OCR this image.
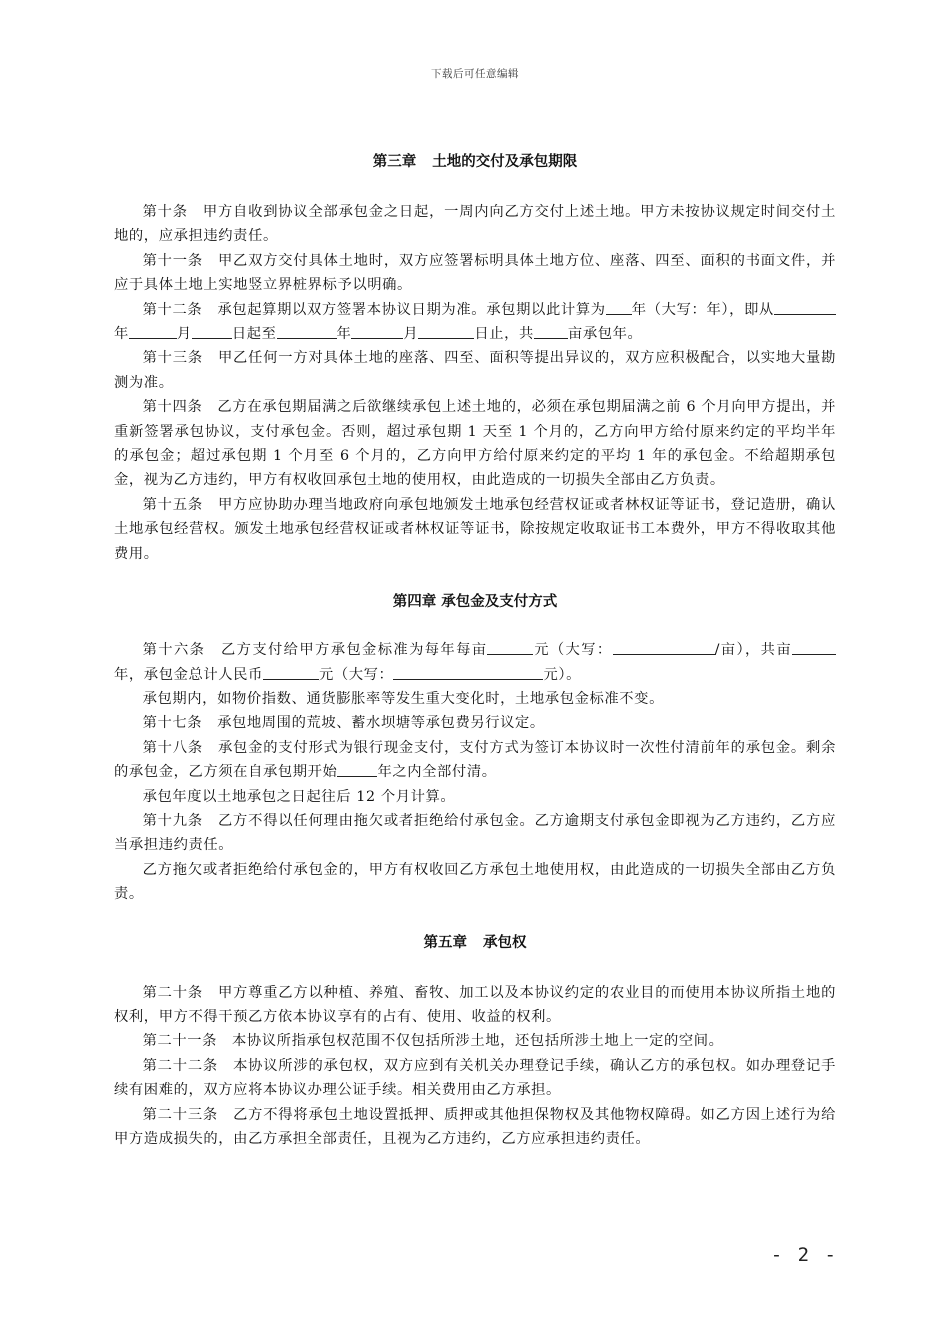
下载后可任意编辑
第三章 土地的交付及承包期限

第十条　 甲方自收到协议全部承包金之日起，一周内向乙方交付上述土地。甲方未按协议规定时间交付土地的，应承担违约责任。

第十一条　 甲乙双方交付具体土地时，双方应签署标明具体土地方位、座落、四至、面积的书面文件，并应于具体土地上实地竖立界桩界标予以明确。

第十二条　 承包起算期以双方签署本协议日期为准。承包期以此计算为 年（大写：年），即从年	月	日起至	年	月	日止，共 亩承包年。

第十三条　 甲乙任何一方对具体土地的座落、四至、面积等提出异议的，双方应积极配合，以实地大量勘测为准。

第十四条　 乙方在承包期届满之后欲继续承包上述土地的，必须在承包期届满之前 6 个月向甲方提出，并重新签署承包协议，支付承包金。否则，超过承包期 1 天至 1 个月的，乙方向甲方给付原来约定的平均半年的承包金；超过承包期 1 个月至 6 个月的，乙方向甲方给付原来约定的平均 1 年的承包金。不给超期承包金，视为乙方违约，甲方有权收回承包土地的使用权，由此造成的一切损失全部由乙方负责。

第十五条　 甲方应协助办理当地政府向承包地颁发土地承包经营权证或者林权证等证书，登记造册，确认土地承包经营权。颁发土地承包经营权证或者林权证等证书，除按规定收取证书工本费外，甲方不得收取其他费用。

第四章 承包金及支付方式

第十六条　 乙方支付给甲方承包金标准为每年每亩	元（大写：	/亩），共亩年，承包金总计人民币	元（大写：	元）。

承包期内，如物价指数、通货膨胀率等发生重大变化时，土地承包金标准不变。

第十七条　 承包地周围的荒坡、蓄水坝塘等承包费另行议定。

第十八条　 承包金的支付形式为银行现金支付，支付方式为签订本协议时一次性付清前年的承包金。剩余的承包金，乙方须在自承包期开始	年之内全部付清。

承包年度以土地承包之日起往后 12 个月计算。

第十九条　 乙方不得以任何理由拖欠或者拒绝给付承包金。乙方逾期支付承包金即视为乙方违约，乙方应当承担违约责任。

乙方拖欠或者拒绝给付承包金的，甲方有权收回乙方承包土地使用权，由此造成的一切损失全部由乙方负责。

第五章 承包权

第二十条　 甲方尊重乙方以种植、养殖、畜牧、加工以及本协议约定的农业目的而使用本协议所指土地的权利，甲方不得干预乙方依本协议享有的占有、使用、收益的权利。

第二十一条　 本协议所指承包权范围不仅包括所涉土地，还包括所涉土地上一定的空间。

第二十二条　 本协议所涉的承包权，双方应到有关机关办理登记手续，确认乙方的承包权。如办理登记手续有困难的，双方应将本协议办理公证手续。相关费用由乙方承担。

第二十三条　 乙方不得将承包土地设置抵押、质押或其他担保物权及其他物权障碍。如乙方因上述行为给甲方造成损失的，由乙方承担全部责任，且视为乙方违约，乙方应承担违约责任。

- 2 -
